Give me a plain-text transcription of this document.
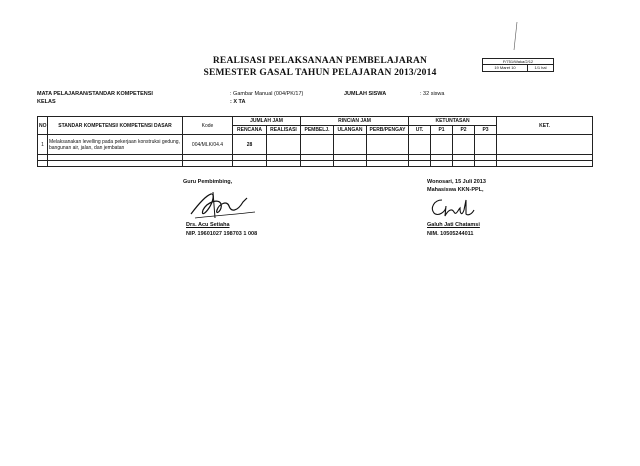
REALISASI PELAKSANAAN PEMBELAJARAN
SEMESTER GASAL TAHUN PELAJARAN 2013/2014
F/751/Waka/2/12
19 Maret 10	1/1 hal
MATA PELAJARAN/STANDAR KOMPETENSI	: Gambar Manual (004/PK/17)	JUMLAH SISWA	: 32 siswa
KELAS	: X TA
NO	STANDAR KOMPETENSI/ KOMPETENSI DASAR	Kode	JUMLAH JAM		RINCIAN JAM			KETUNTASAN				KET.
			RENCANA	REALISASI	PEMBELJ.	ULANGAN	PERB/PENGAY	UT.	P1	P2	P3	
1	Melaksanakan levelling pada pekerjaan konstruksi gedung, bangunan air, jalan, dan jembatan	004/MLK/04.4	28									

Guru Pembimbing,
Drs. Acu Setiaha
NIP. 19601027 198703 1 008
Wonosari, 15 Juli 2013
Mahasiswa KKN-PPL,
Galuh Jati Chatamsi
NIM. 10505244011
